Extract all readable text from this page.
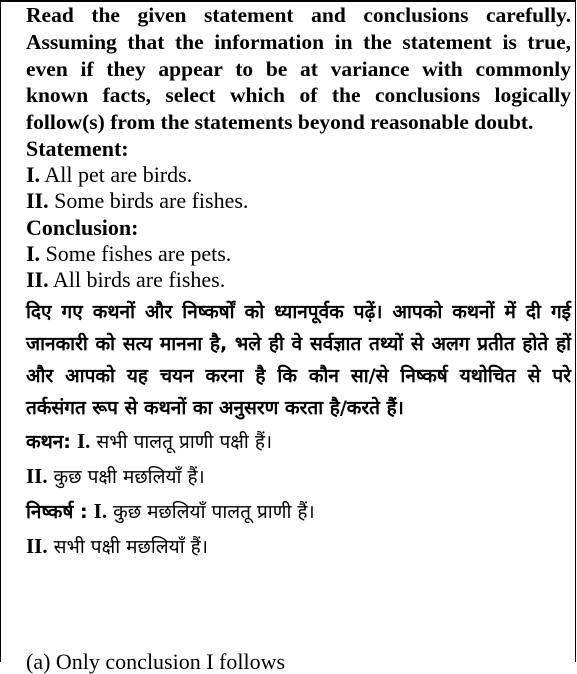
Read the given statement and conclusions carefully. Assuming that the information in the statement is true, even if they appear to be at variance with commonly known facts, select which of the conclusions logically follow(s) from the statements beyond reasonable doubt.

Statement:

I. All pet are birds.

II. Some birds are fishes.

Conclusion:

I. Some fishes are pets.

II. All birds are fishes.

दिए गए कथनों और निष्कर्षों को ध्यानपूर्वक पढ़ें। आपको कथनों में दी गई जानकारी को सत्य मानना है, भले ही वे सर्वज्ञात तथ्यों से अलग प्रतीत होते हों और आपको यह चयन करना है कि कौन सा/से निष्कर्ष यथोचित से परे तर्कसंगत रूप से कथनों का अनुसरण करता है/करते हैं।

कथन: I. सभी पालतू प्राणी पक्षी हैं।

II. कुछ पक्षी मछलियाँ हैं।

निष्कर्ष : I. कुछ मछलियाँ पालतू प्राणी हैं।

II. सभी पक्षी मछलियाँ हैं।

(a) Only conclusion I follows
